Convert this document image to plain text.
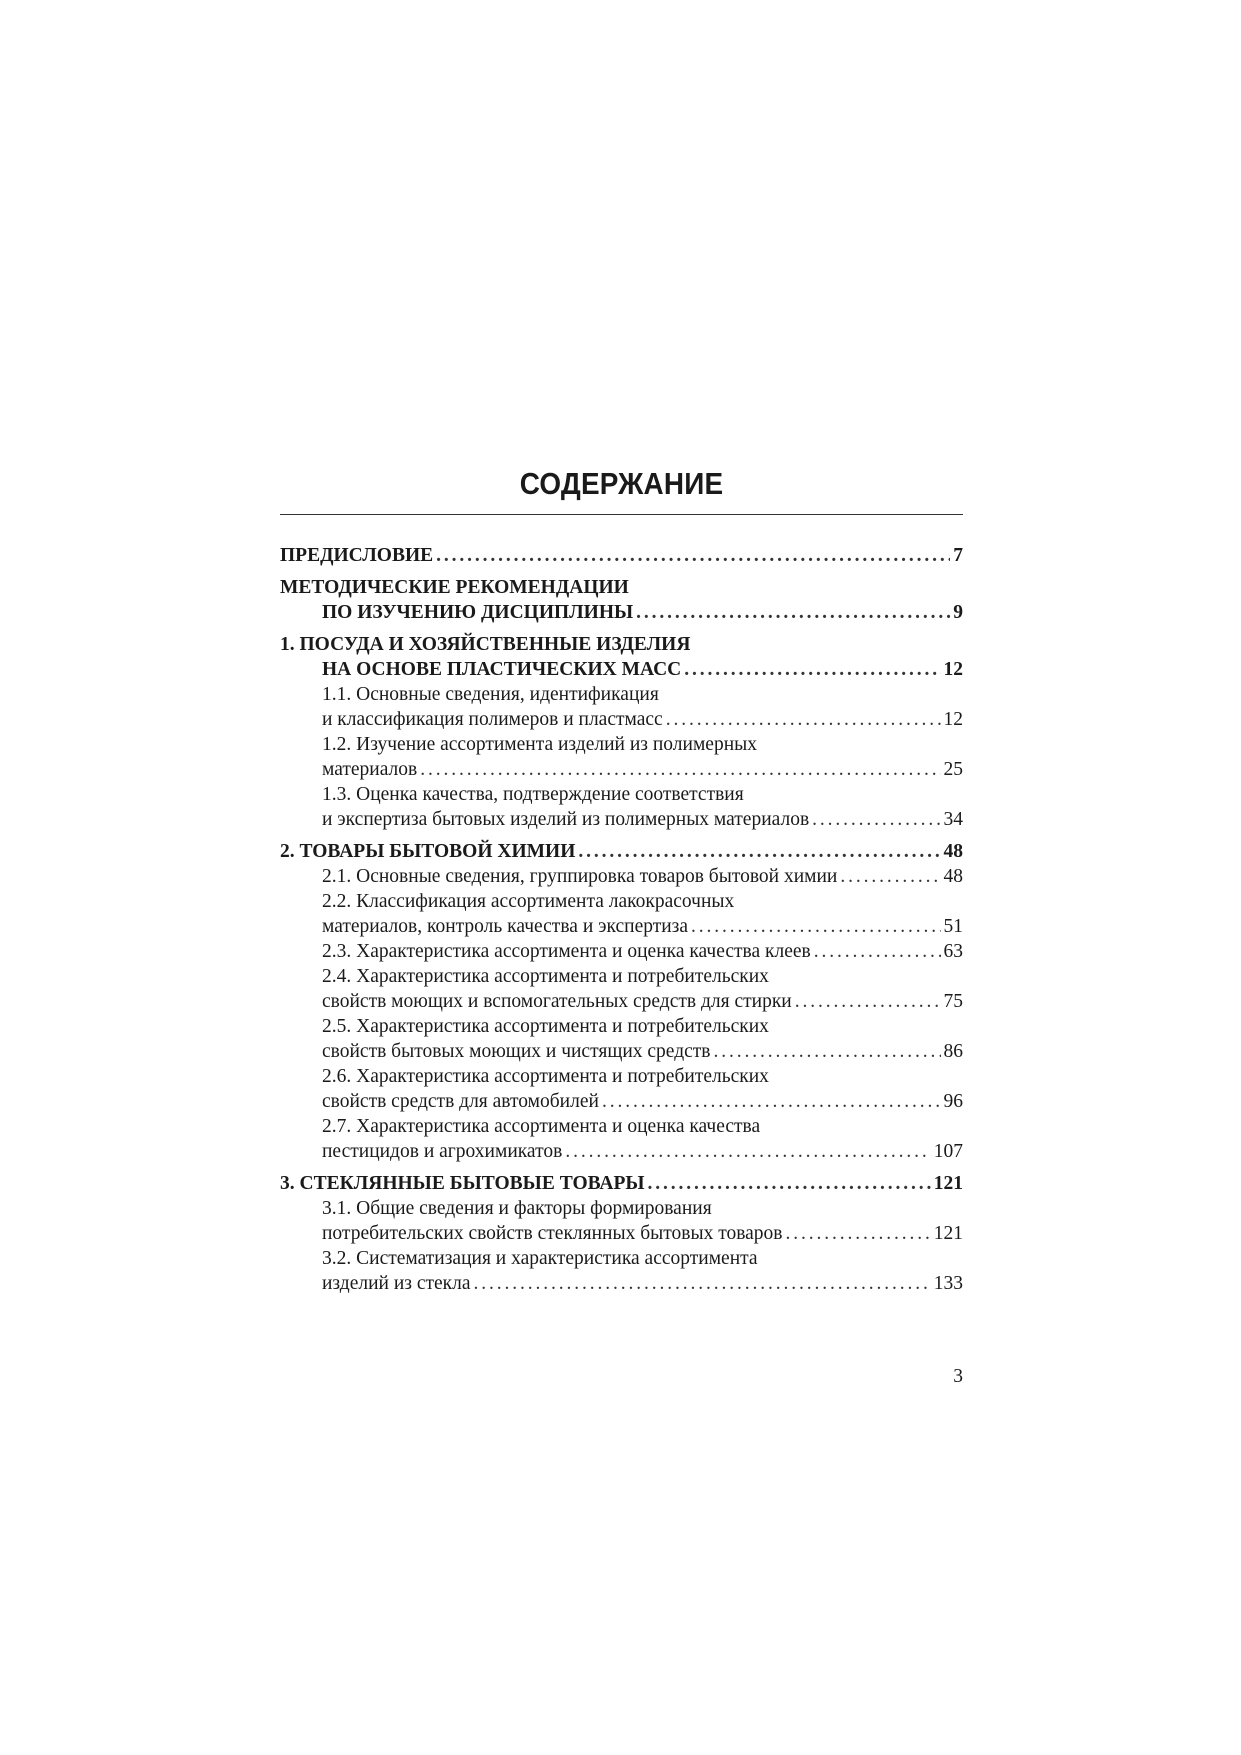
СОДЕРЖАНИЕ
ПРЕДИСЛОВИЕ . . .	7
МЕТОДИЧЕСКИЕ РЕКОМЕНДАЦИИ
ПО ИЗУЧЕНИЮ ДИСЦИПЛИНЫ . . .	9
1. ПОСУДА И ХОЗЯЙСТВЕННЫЕ ИЗДЕЛИЯ
НА ОСНОВЕ ПЛАСТИЧЕСКИХ МАСС . . .	12
1.1. Основные сведения, идентификация
и классификация полимеров и пластмасс . . .	12
1.2. Изучение ассортимента изделий из полимерных
материалов . . .	25
1.3. Оценка качества, подтверждение соответствия
и экспертиза бытовых изделий из полимерных материалов . . .	34
2. ТОВАРЫ БЫТОВОЙ ХИМИИ . . .	48
2.1. Основные сведения, группировка товаров бытовой химии . . .	48
2.2. Классификация ассортимента лакокрасочных
материалов, контроль качества и экспертиза . . .	51
2.3. Характеристика ассортимента и оценка качества клеев . . .	63
2.4. Характеристика ассортимента и потребительских
свойств моющих и вспомогательных средств для стирки . . .	75
2.5. Характеристика ассортимента и потребительских
свойств бытовых моющих и чистящих средств . . .	86
2.6. Характеристика ассортимента и потребительских
свойств средств для автомобилей . . .	96
2.7. Характеристика ассортимента и оценка качества
пестицидов и агрохимикатов . . .	107
3. СТЕКЛЯННЫЕ БЫТОВЫЕ ТОВАРЫ . . .	121
3.1. Общие сведения и факторы формирования
потребительских свойств стеклянных бытовых товаров . . .	121
3.2. Систематизация и характеристика ассортимента
изделий из стекла . . .	133
3
